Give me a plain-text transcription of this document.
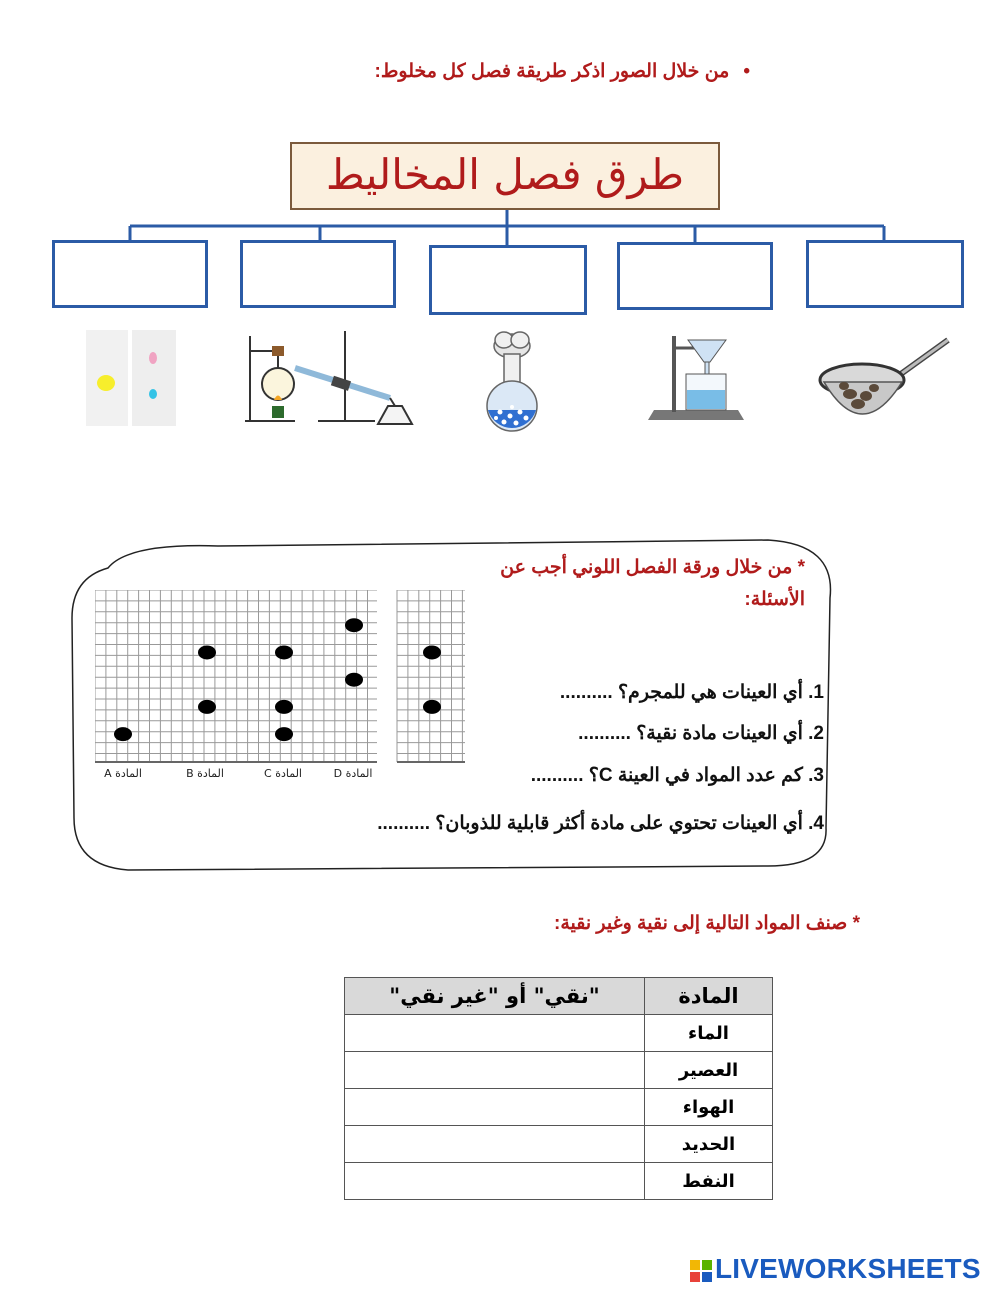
•من خلال الصور اذكر طريقة فصل كل مخلوط:
طرق فصل المخاليط
المادة A	المادة B	المادة C	المادة D
* من خلال ورقة الفصل اللوني أجب عن الأسئلة:
1. أي العينات هي للمجرم؟ ..........
2. أي العينات مادة نقية؟ ..........
3. كم عدد المواد في العينة C؟ ..........
4. أي العينات تحتوي على مادة أكثر قابلية للذوبان؟ ..........
* صنف المواد التالية إلى نقية وغير نقية:
المادة	"نقي" أو "غير نقي"
الماء	
العصير	
الهواء	
الحديد	
النفط	
LIVEWORKSHEETS
